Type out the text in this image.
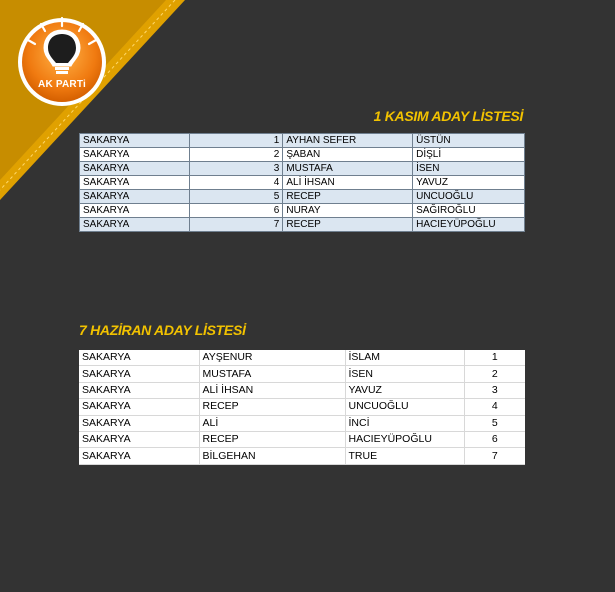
AK PARTi
1 KASIM ADAY LİSTESİ
SAKARYA	1	AYHAN SEFER	ÜSTÜN
SAKARYA	2	ŞABAN	DİŞLİ
SAKARYA	3	MUSTAFA	İSEN
SAKARYA	4	ALİ İHSAN	YAVUZ
SAKARYA	5	RECEP	UNCUOĞLU
SAKARYA	6	NURAY	SAĞIROĞLU
SAKARYA	7	RECEP	HACIEYÜPOĞLU
7 HAZİRAN ADAY LİSTESİ
SAKARYA	AYŞENUR	İSLAM	1
SAKARYA	MUSTAFA	İSEN	2
SAKARYA	ALİ İHSAN	YAVUZ	3
SAKARYA	RECEP	UNCUOĞLU	4
SAKARYA	ALİ	İNCİ	5
SAKARYA	RECEP	HACIEYÜPOĞLU	6
SAKARYA	BİLGEHAN	TRUE	7
